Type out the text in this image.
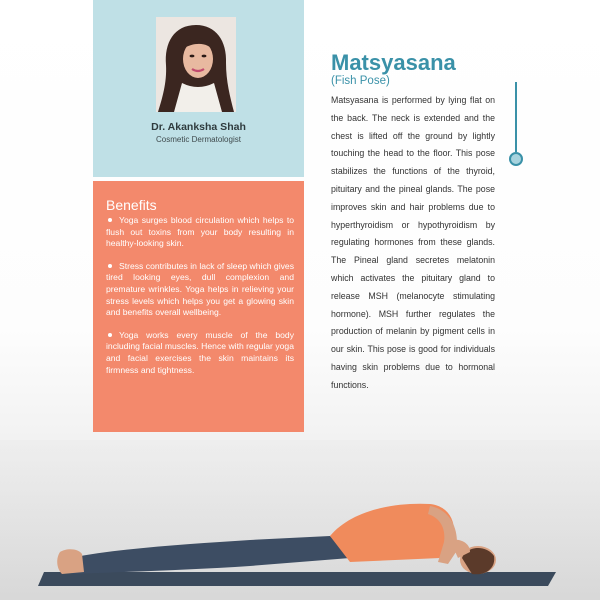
Dr. Akanksha Shah
Cosmetic Dermatologist
Benefits

Yoga surges blood circulation which helps to flush out toxins from your body resulting in healthy-looking skin.

Stress contributes in lack of sleep which gives tired looking eyes, dull complexion and premature wrinkles. Yoga helps in relieving your stress levels which helps you get a glowing skin and benefits overall wellbeing.

Yoga works every muscle of the body including facial muscles. Hence with regular yoga and facial exercises the skin maintains its firmness and tightness.

Matsyasana
(Fish Pose)

Matsyasana is performed by lying flat on the back. The neck is extended and the chest is lifted off the ground by lightly touching the head to the floor. This pose stabilizes the functions of the thyroid, pituitary and the pineal glands. The pose improves skin and hair problems due to hyperthyroidism or hypothyroidism by regulating hormones from these glands. The Pineal gland secretes melatonin which activates the pituitary gland to release MSH (melanocyte stimulating hormone). MSH further regulates the production of melanin by pigment cells in our skin. This pose is good for individuals having skin problems due to hormonal functions.
